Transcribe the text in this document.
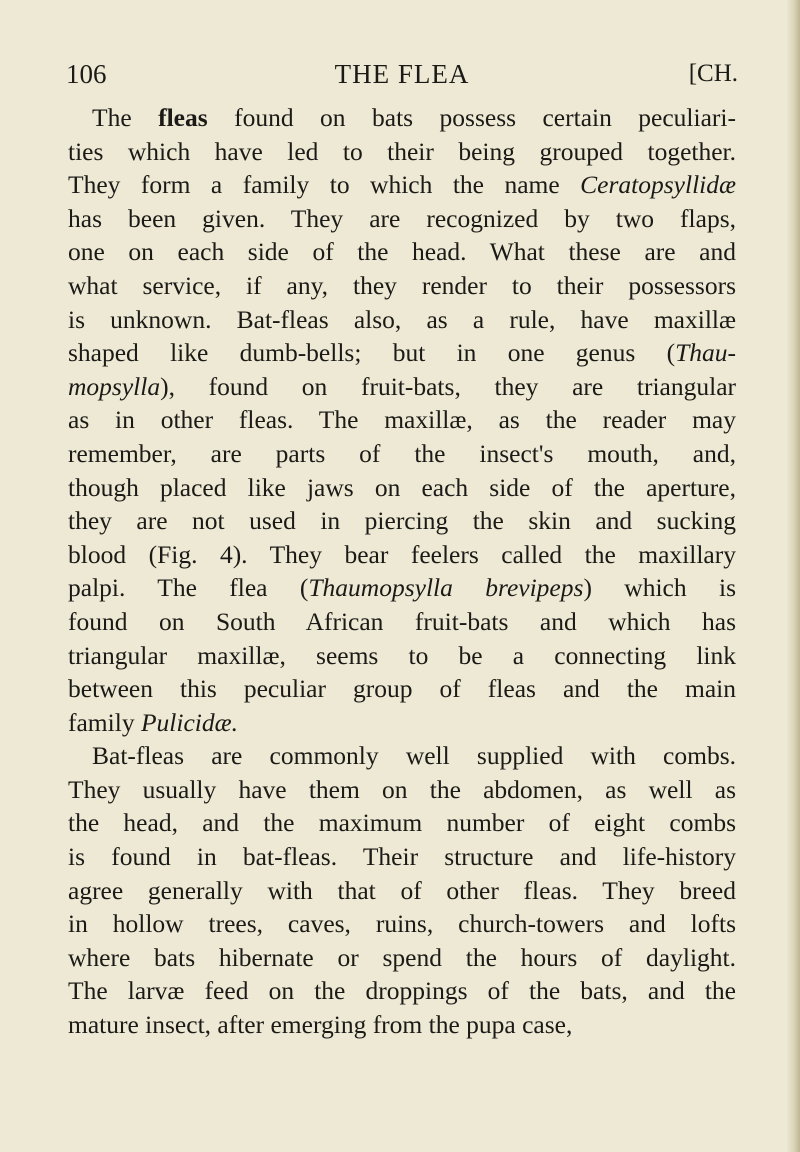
106	THE FLEA	[CH.
The fleas found on bats possess certain peculiari-
ties which have led to their being grouped together.
They form a family to which the name Ceratopsyllidæ
has been given. They are recognized by two flaps,
one on each side of the head. What these are and
what service, if any, they render to their possessors
is unknown. Bat-fleas also, as a rule, have maxillæ
shaped like dumb-bells; but in one genus (Thau-
mopsylla), found on fruit-bats, they are triangular
as in other fleas. The maxillæ, as the reader may
remember, are parts of the insect's mouth, and,
though placed like jaws on each side of the aperture,
they are not used in piercing the skin and sucking
blood (Fig. 4). They bear feelers called the maxillary
palpi. The flea (Thaumopsylla brevipeps) which is
found on South African fruit-bats and which has
triangular maxillæ, seems to be a connecting link
between this peculiar group of fleas and the main
family Pulicidæ.
Bat-fleas are commonly well supplied with combs.
They usually have them on the abdomen, as well as
the head, and the maximum number of eight combs
is found in bat-fleas. Their structure and life-history
agree generally with that of other fleas. They breed
in hollow trees, caves, ruins, church-towers and lofts
where bats hibernate or spend the hours of daylight.
The larvæ feed on the droppings of the bats, and the
mature insect, after emerging from the pupa case,
